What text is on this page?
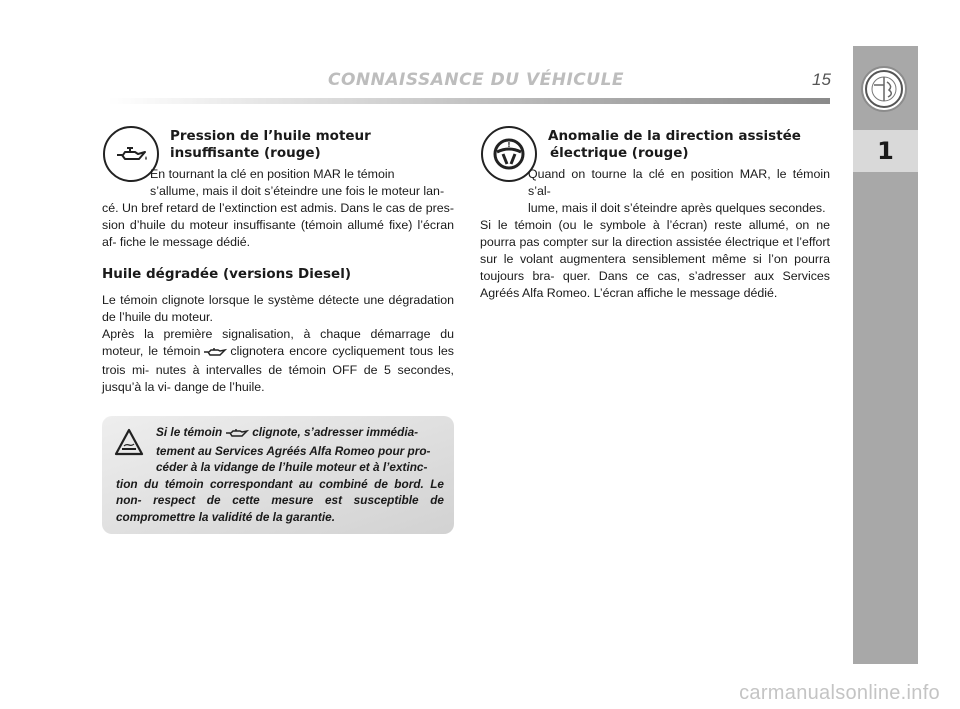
CONNAISSANCE DU VÉHICULE	15
1
Pression de l’huile moteur
insuffisante (rouge)
En tournant la clé en position MAR le témoin
s’allume, mais il doit s’éteindre une fois le moteur lan-
cé. Un bref retard de l’extinction est admis. Dans le cas de pres- sion d’huile du moteur insuffisante (témoin allumé fixe) l’écran af- fiche le message dédié.
Huile dégradée (versions Diesel)
Le témoin clignote lorsque le système détecte une dégradation de l’huile du moteur.
Après la première signalisation, à chaque démarrage du moteur, le témoin clignotera encore cycliquement tous les trois mi- nutes à intervalles de témoin OFF de 5 secondes, jusqu’à la vi- dange de l’huile.
Si le témoin	clignote, s’adresser immédia-
tement au Services Agréés Alfa Romeo pour pro-
céder à la vidange de l’huile moteur et à l’extinc-
tion du témoin correspondant au combiné de bord. Le non- respect de cette mesure est susceptible de compromettre la validité de la garantie.
!
Anomalie de la direction assistée
électrique (rouge)
Quand on tourne la clé en position MAR, le témoin s’al-
lume, mais il doit s’éteindre après quelques secondes.
Si le témoin (ou le symbole à l’écran) reste allumé, on ne pourra pas compter sur la direction assistée électrique et l’effort sur le volant augmentera sensiblement même si l’on pourra toujours bra- quer. Dans ce cas, s’adresser aux Services Agréés Alfa Romeo. L’écran affiche le message dédié.
carmanualsonline.info
